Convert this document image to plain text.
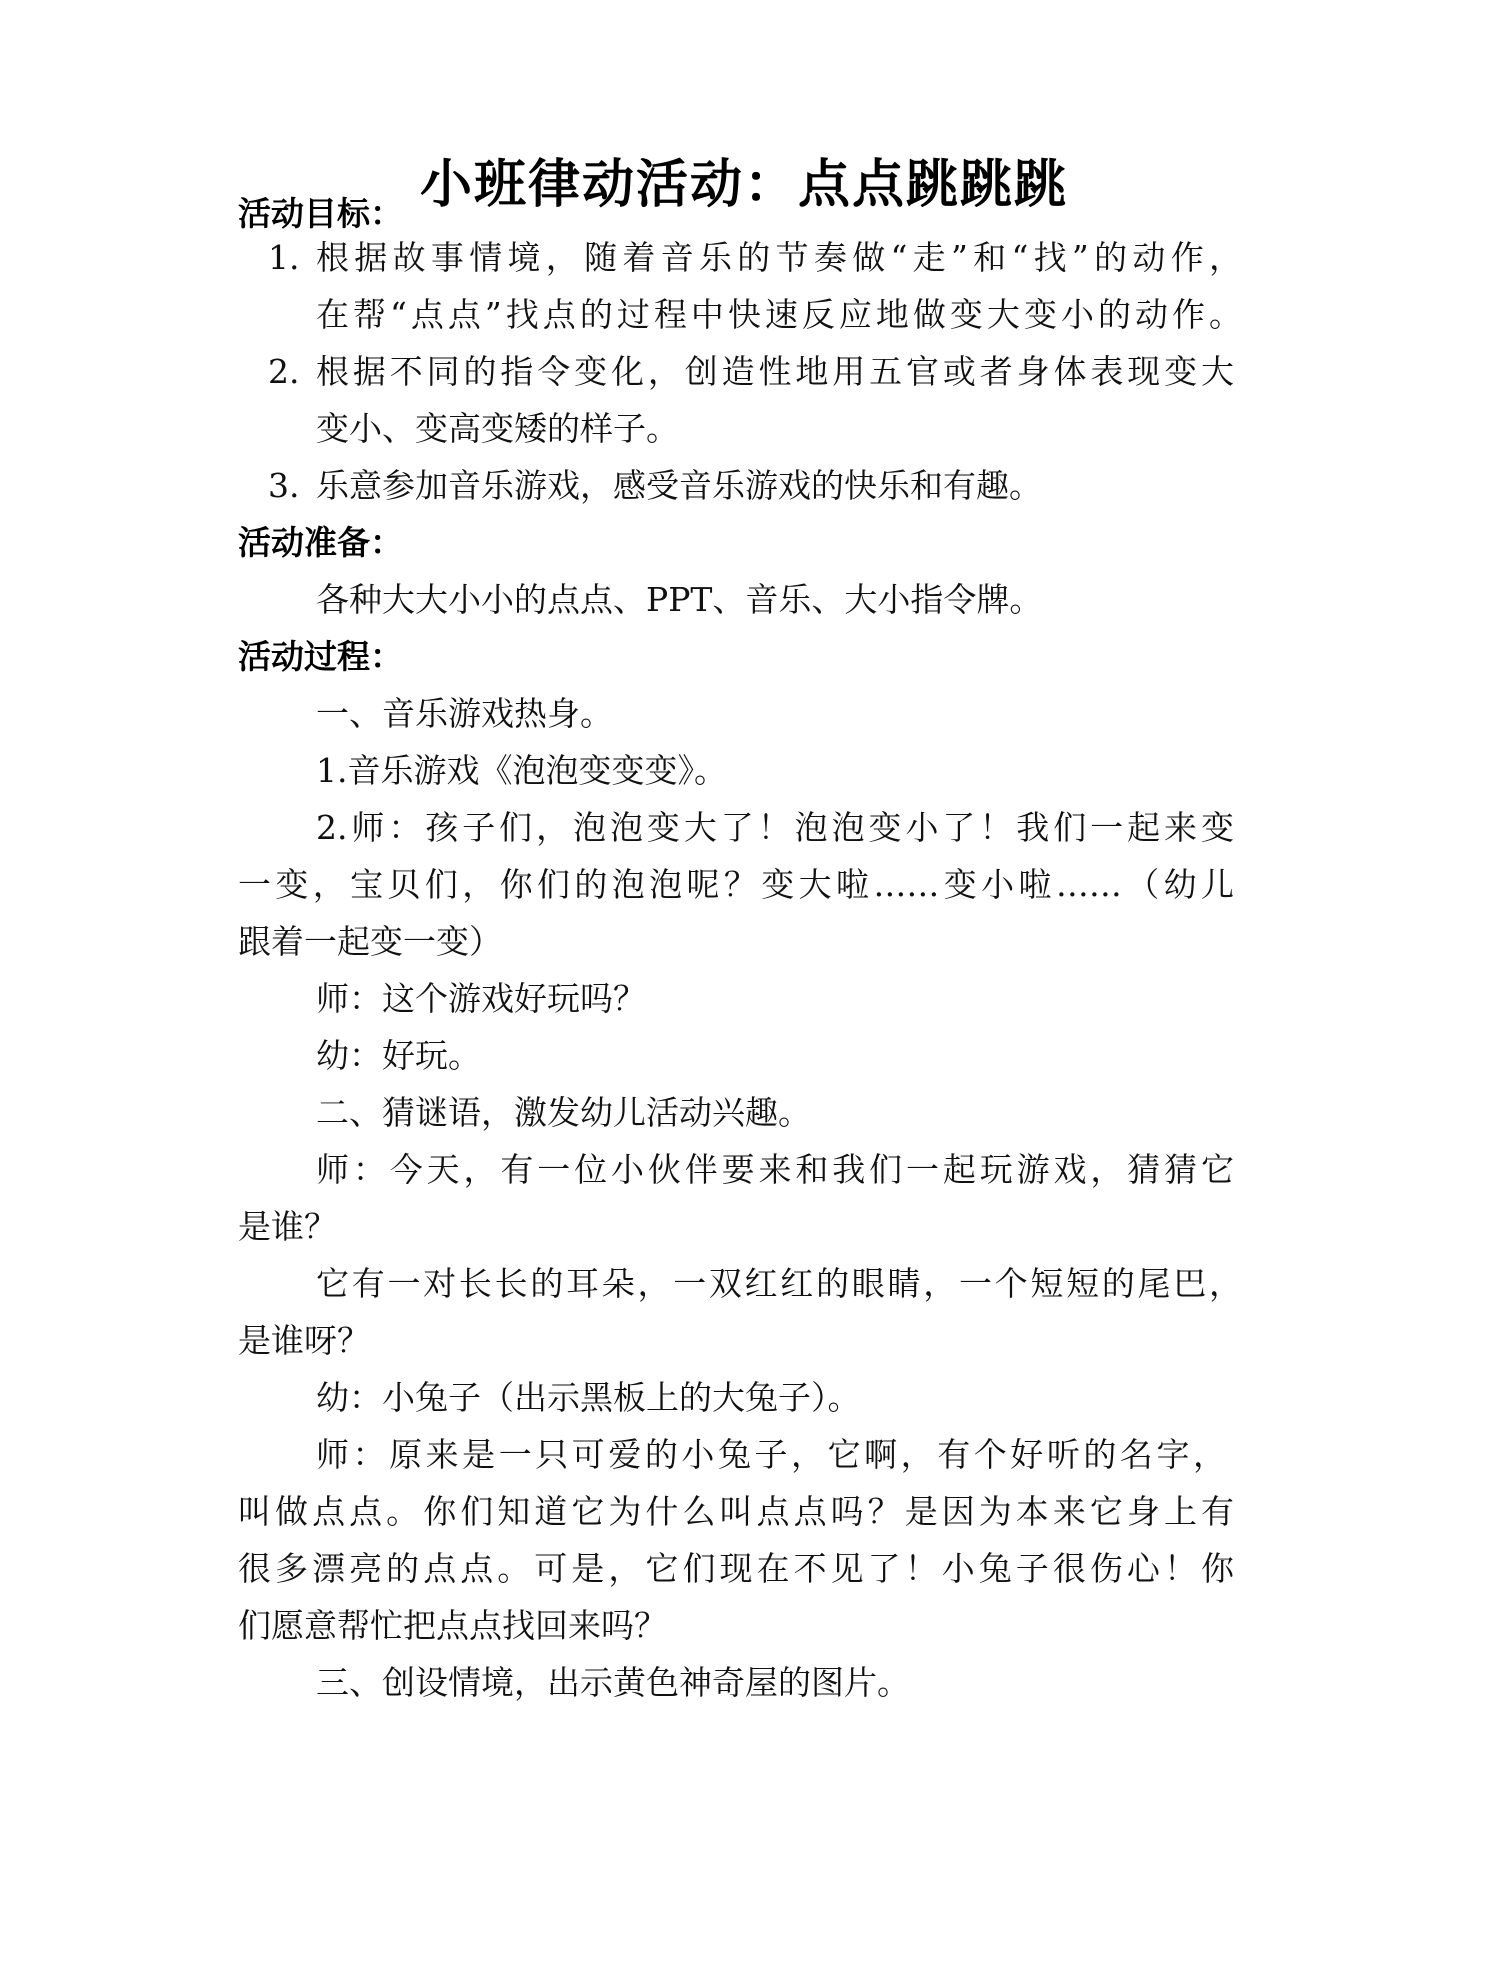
小班律动活动：点点跳跳跳
活动目标：
1. 根据故事情境，随着音乐的节奏做“走”和“找”的动作，
在帮“点点”找点的过程中快速反应地做变大变小的动作。
2. 根据不同的指令变化，创造性地用五官或者身体表现变大
变小、变高变矮的样子。
3. 乐意参加音乐游戏，感受音乐游戏的快乐和有趣。
活动准备：
各种大大小小的点点、PPT、音乐、大小指令牌。
活动过程：
一、音乐游戏热身。
1.音乐游戏《泡泡变变变》。
2.师：孩子们，泡泡变大了！泡泡变小了！我们一起来变
一变，宝贝们，你们的泡泡呢？变大啦……变小啦……（幼儿
跟着一起变一变）
师：这个游戏好玩吗？
幼：好玩。
二、猜谜语，激发幼儿活动兴趣。
师：今天，有一位小伙伴要来和我们一起玩游戏，猜猜它
是谁？
它有一对长长的耳朵，一双红红的眼睛，一个短短的尾巴，
是谁呀？
幼：小兔子（出示黑板上的大兔子）。
师：原来是一只可爱的小兔子，它啊，有个好听的名字，
叫做点点。你们知道它为什么叫点点吗？是因为本来它身上有
很多漂亮的点点。可是，它们现在不见了！小兔子很伤心！你
们愿意帮忙把点点找回来吗？
三、创设情境，出示黄色神奇屋的图片。
